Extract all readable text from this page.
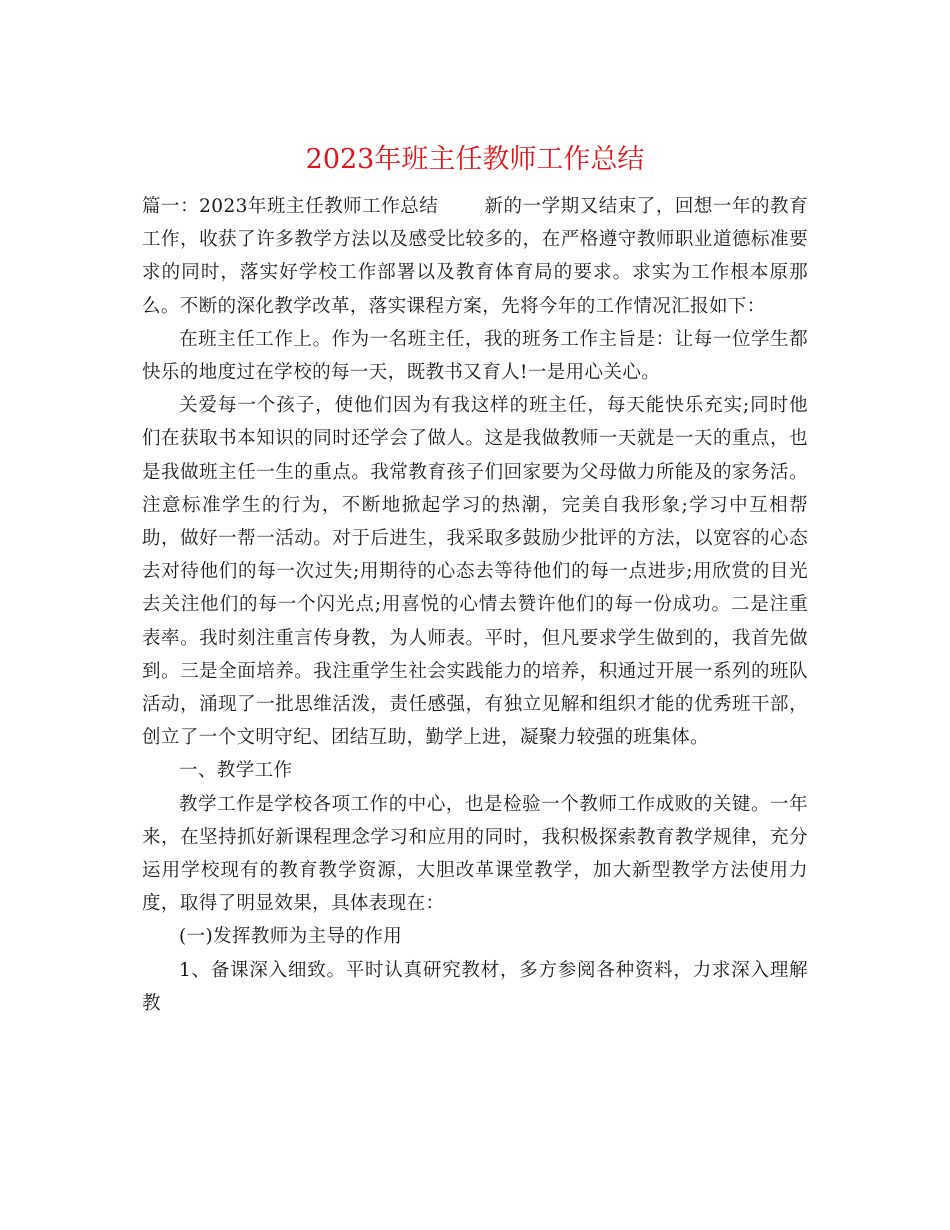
2023年班主任教师工作总结

篇一：2023年班主任教师工作总结 新的一学期又结束了，回想一年的教育工作，收获了许多教学方法以及感受比较多的，在严格遵守教师职业道德标准要求的同时，落实好学校工作部署以及教育体育局的要求。求实为工作根本原那么。不断的深化教学改革，落实课程方案，先将今年的工作情况汇报如下：

在班主任工作上。作为一名班主任，我的班务工作主旨是：让每一位学生都快乐的地度过在学校的每一天，既教书又育人!一是用心关心。

关爱每一个孩子，使他们因为有我这样的班主任，每天能快乐充实;同时他们在获取书本知识的同时还学会了做人。这是我做教师一天就是一天的重点，也是我做班主任一生的重点。我常教育孩子们回家要为父母做力所能及的家务活。注意标准学生的行为，不断地掀起学习的热潮，完美自我形象;学习中互相帮助，做好一帮一活动。对于后进生，我采取多鼓励少批评的方法，以宽容的心态去对待他们的每一次过失;用期待的心态去等待他们的每一点进步;用欣赏的目光去关注他们的每一个闪光点;用喜悦的心情去赞许他们的每一份成功。二是注重表率。我时刻注重言传身教，为人师表。平时，但凡要求学生做到的，我首先做到。三是全面培养。我注重学生社会实践能力的培养，积通过开展一系列的班队活动，涌现了一批思维活泼，责任感强，有独立见解和组织才能的优秀班干部，创立了一个文明守纪、团结互助，勤学上进，凝聚力较强的班集体。

一、教学工作

教学工作是学校各项工作的中心，也是检验一个教师工作成败的关键。一年来，在坚持抓好新课程理念学习和应用的同时，我积极探索教育教学规律，充分运用学校现有的教育教学资源，大胆改革课堂教学，加大新型教学方法使用力度，取得了明显效果，具体表现在：

(一)发挥教师为主导的作用

1、备课深入细致。平时认真研究教材，多方参阅各种资料，力求深入理解教
